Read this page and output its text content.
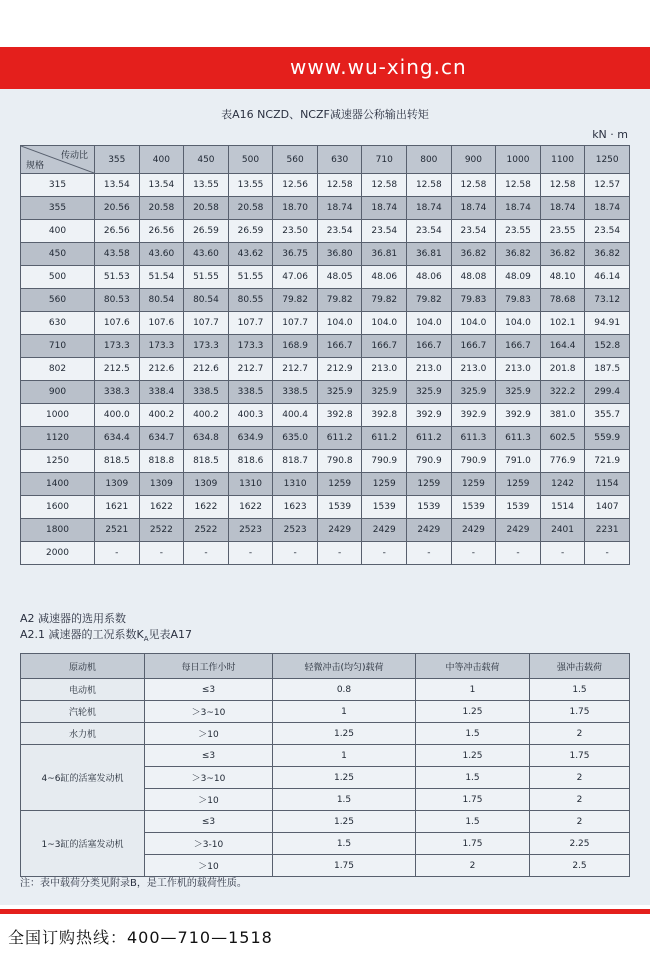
www.wu-xing.cn
表A16 NCZD、NCZF减速器公称输出转矩
kN · m
传动比
规格	355	400	450	500	560	630	710	800	900	1000	1100	1250
315	13.54	13.54	13.55	13.55	12.56	12.58	12.58	12.58	12.58	12.58	12.58	12.57
355	20.56	20.58	20.58	20.58	18.70	18.74	18.74	18.74	18.74	18.74	18.74	18.74
400	26.56	26.56	26.59	26.59	23.50	23.54	23.54	23.54	23.54	23.55	23.55	23.54
450	43.58	43.60	43.60	43.62	36.75	36.80	36.81	36.81	36.82	36.82	36.82	36.82
500	51.53	51.54	51.55	51.55	47.06	48.05	48.06	48.06	48.08	48.09	48.10	46.14
560	80.53	80.54	80.54	80.55	79.82	79.82	79.82	79.82	79.83	79.83	78.68	73.12
630	107.6	107.6	107.7	107.7	107.7	104.0	104.0	104.0	104.0	104.0	102.1	94.91
710	173.3	173.3	173.3	173.3	168.9	166.7	166.7	166.7	166.7	166.7	164.4	152.8
802	212.5	212.6	212.6	212.7	212.7	212.9	213.0	213.0	213.0	213.0	201.8	187.5
900	338.3	338.4	338.5	338.5	338.5	325.9	325.9	325.9	325.9	325.9	322.2	299.4
1000	400.0	400.2	400.2	400.3	400.4	392.8	392.8	392.9	392.9	392.9	381.0	355.7
1120	634.4	634.7	634.8	634.9	635.0	611.2	611.2	611.2	611.3	611.3	602.5	559.9
1250	818.5	818.8	818.5	818.6	818.7	790.8	790.9	790.9	790.9	791.0	776.9	721.9
1400	1309	1309	1309	1310	1310	1259	1259	1259	1259	1259	1242	1154
1600	1621	1622	1622	1622	1623	1539	1539	1539	1539	1539	1514	1407
1800	2521	2522	2522	2523	2523	2429	2429	2429	2429	2429	2401	2231
2000	-	-	-	-	-	-	-	-	-	-	-	-
A2 减速器的选用系数
A2.1 减速器的工况系数$K_A$见表A17
原动机	每日工作小时	轻微冲击(均匀)载荷	中等冲击载荷	强冲击载荷
电动机	≤3	0.8	1	1.5
汽轮机	＞3~10	1	1.25	1.75
水力机	＞10	1.25	1.5	2
4~6缸的活塞发动机	≤3	1	1.25	1.75
	＞3~10	1.25	1.5	2
	＞10	1.5	1.75	2
1~3缸的活塞发动机	≤3	1.25	1.5	2
	＞3-10	1.5	1.75	2.25
	＞10	1.75	2	2.5
注：表中载荷分类见附录B，是工作机的载荷性质。
全国订购热线：400—710—1518
